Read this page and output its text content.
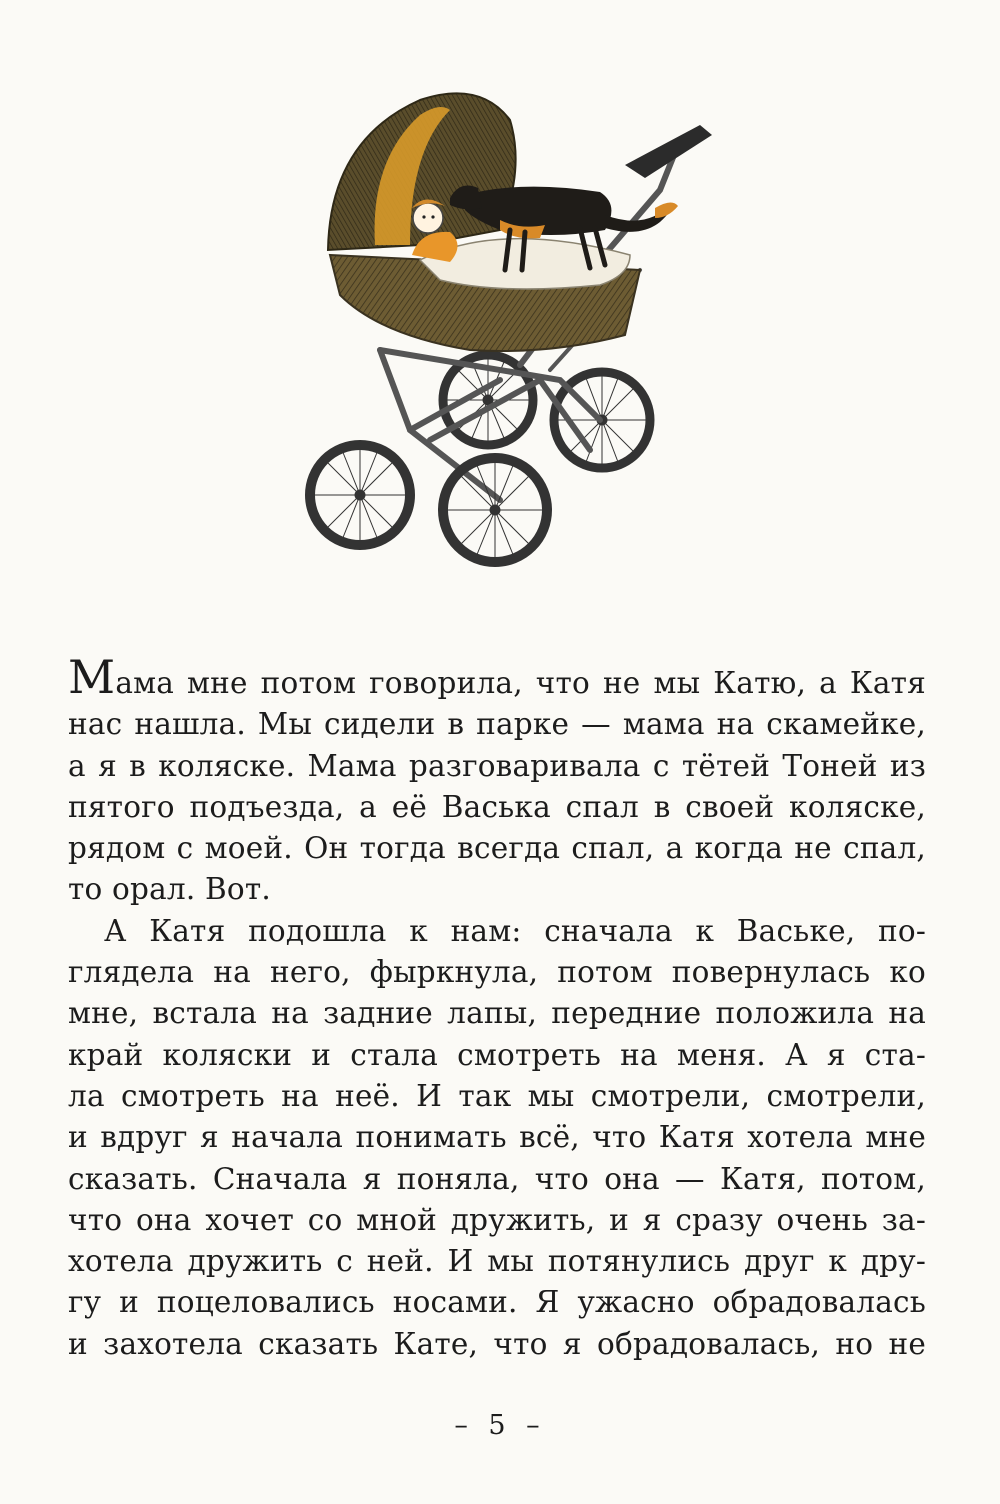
Мама мне потом говорила, что не мы Катю, а Катя
нас нашла. Мы сидели в парке — мама на скамейке,
а я в коляске. Мама разговаривала с тётей Тоней из
пятого подъезда, а её Васька спал в своей коляске,
рядом с моей. Он тогда всегда спал, а когда не спал,
то орал. Вот.
А Катя подошла к нам: сначала к Ваське, по-
глядела на него, фыркнула, потом повернулась ко
мне, встала на задние лапы, передние положила на
край коляски и стала смотреть на меня. А я ста-
ла смотреть на неё. И так мы смотрели, смотрели,
и вдруг я начала понимать всё, что Катя хотела мне
сказать. Сначала я поняла, что она — Катя, потом,
что она хочет со мной дружить, и я сразу очень за-
хотела дружить с ней. И мы потянулись друг к дру-
гу и поцеловались носами. Я ужасно обрадовалась
и захотела сказать Кате, что я обрадовалась, но не
– 5 –
